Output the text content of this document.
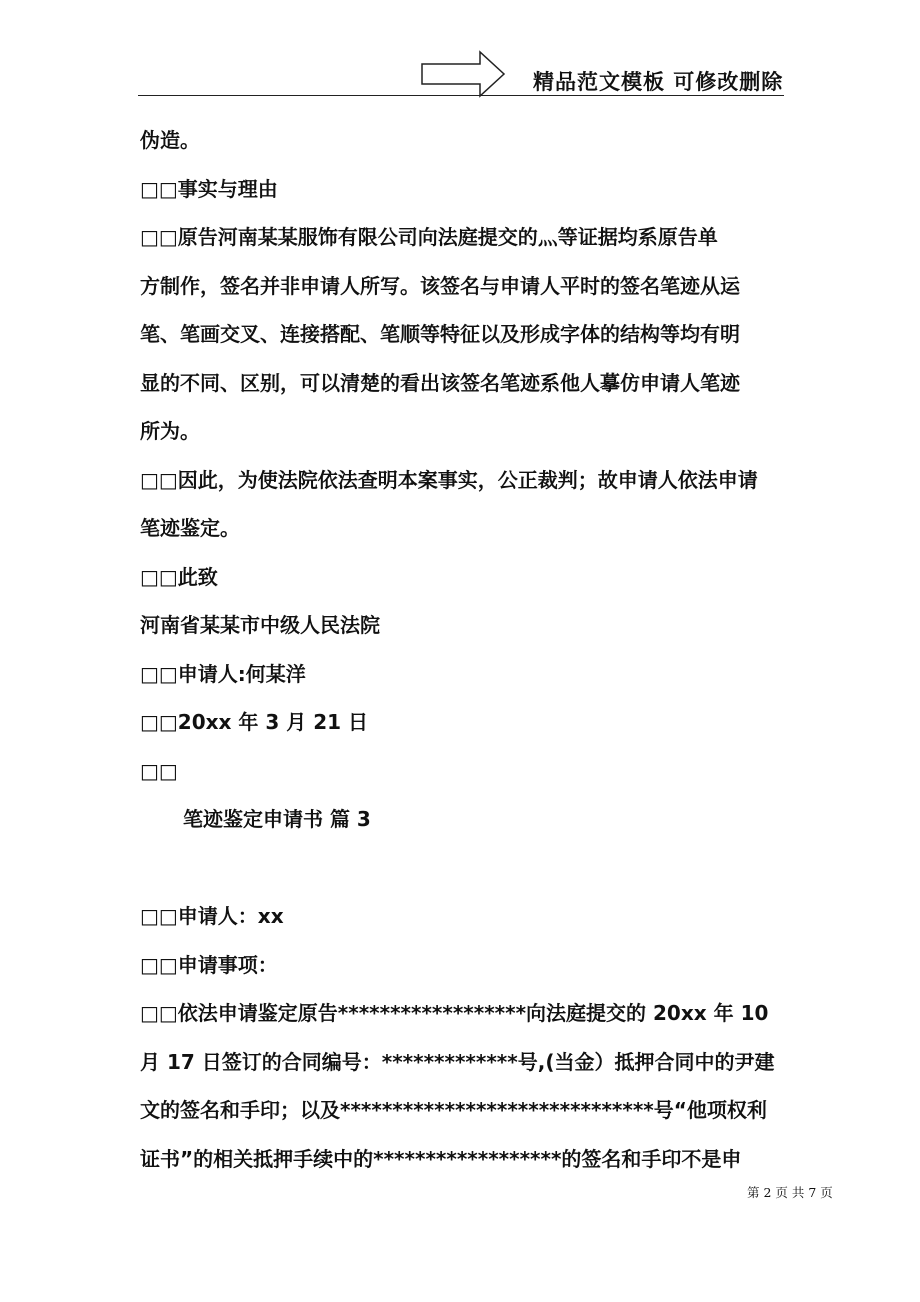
精品范文模板 可修改删除
伪造。
□□事实与理由
□□原告河南某某服饰有限公司向法庭提交的灬等证据均系原告单
方制作，签名并非申请人所写。该签名与申请人平时的签名笔迹从运
笔、笔画交叉、连接搭配、笔顺等特征以及形成字体的结构等均有明
显的不同、区别，可以清楚的看出该签名笔迹系他人摹仿申请人笔迹
所为。
□□因此，为使法院依法查明本案事实，公正裁判；故申请人依法申请
笔迹鉴定。
□□此致
河南省某某市中级人民法院
□□申请人:何某洋
□□20xx 年 3 月 21 日
□□
笔迹鉴定申请书 篇 3
□□申请人：xx
□□申请事项：
□□依法申请鉴定原告******************向法庭提交的 20xx 年 10
月 17 日签订的合同编号：*************号,(当金）抵押合同中的尹建
文的签名和手印；以及******************************号“他项权利
证书”的相关抵押手续中的******************的签名和手印不是申
第 2 页 共 7 页
